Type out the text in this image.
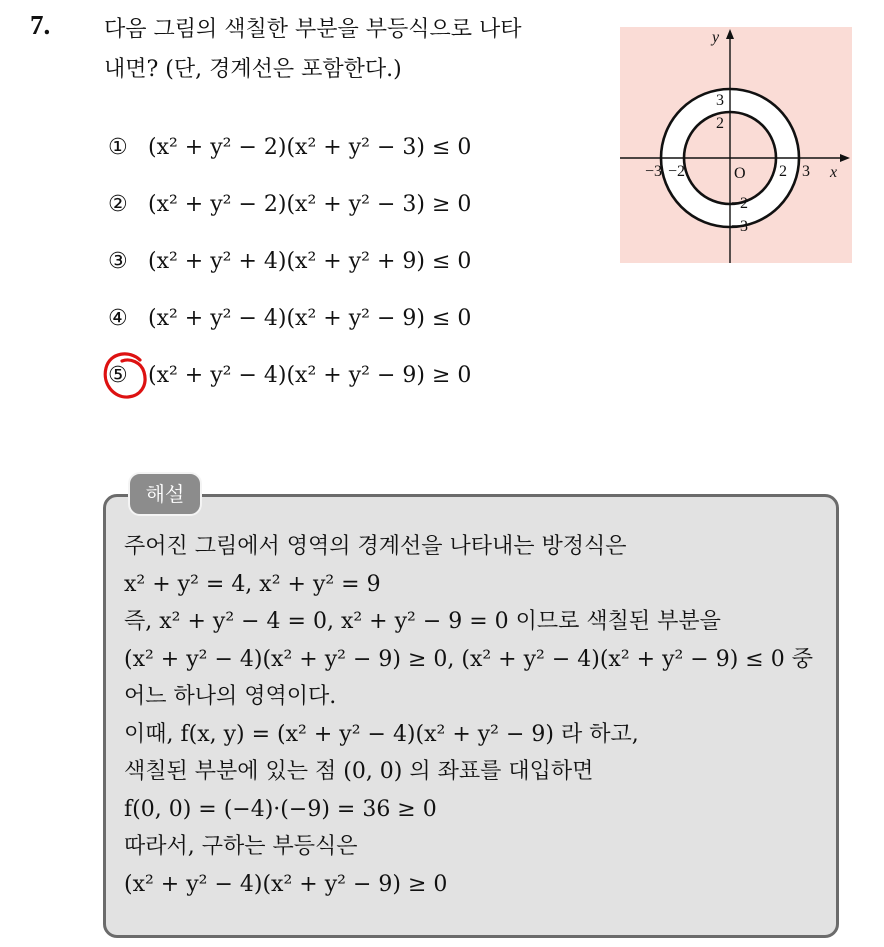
7. 다음 그림의 색칠한 부분을 부등식으로 나타
내면? (단, 경계선은 포함한다.)
x
y
O
−3 −2	2 3
3
2
−2
−3
① (x² + y² − 2)(x² + y² − 3) ≤ 0
② (x² + y² − 2)(x² + y² − 3) ≥ 0
③ (x² + y² + 4)(x² + y² + 9) ≤ 0
④ (x² + y² − 4)(x² + y² − 9) ≤ 0
⑤ (x² + y² − 4)(x² + y² − 9) ≥ 0
해설
주어진 그림에서 영역의 경계선을 나타내는 방정식은
x² + y² = 4, x² + y² = 9
즉, x² + y² − 4 = 0, x² + y² − 9 = 0 이므로 색칠된 부분을
(x² + y² − 4)(x² + y² − 9) ≥ 0, (x² + y² − 4)(x² + y² − 9) ≤ 0 중
어느 하나의 영역이다.
이때, f(x, y) = (x² + y² − 4)(x² + y² − 9) 라 하고,
색칠된 부분에 있는 점 (0, 0) 의 좌표를 대입하면
f(0, 0) = (−4)·(−9) = 36 ≥ 0
따라서, 구하는 부등식은
(x² + y² − 4)(x² + y² − 9) ≥ 0
